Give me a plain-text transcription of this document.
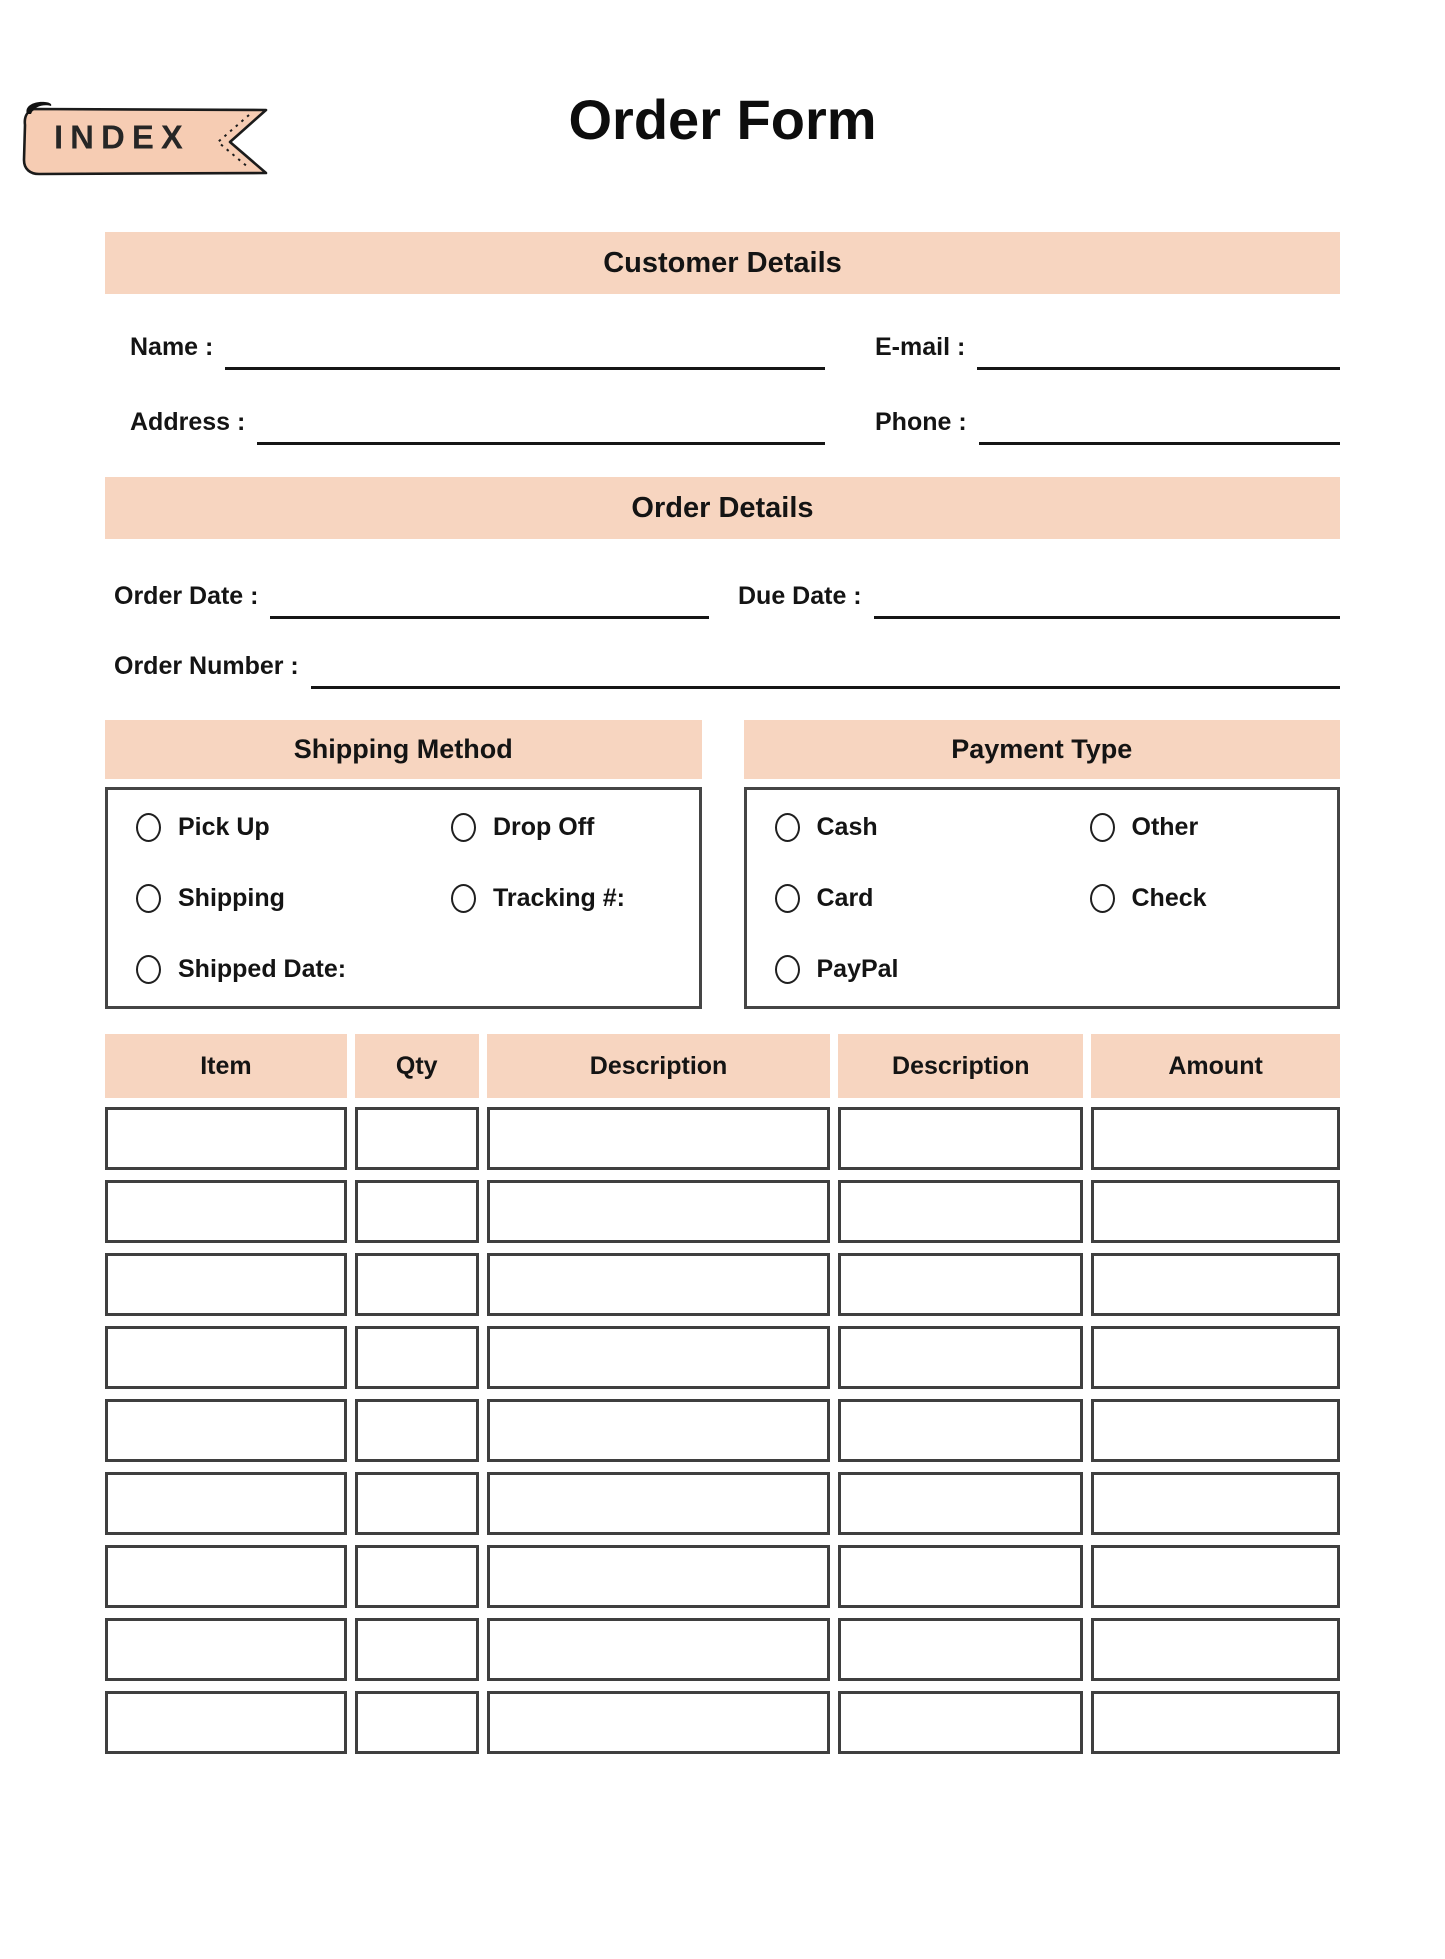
INDEX	Order Form
Customer Details
Name :	E-mail :
Address :	Phone :
Order Details
Order Date :	Due Date :
Order Number :
Shipping Method
Pick Up	Drop Off
Shipping	Tracking #:
Shipped Date:
Payment Type
Cash	Other
Card	Check
PayPal
Item	Qty	Description	Description	Amount
